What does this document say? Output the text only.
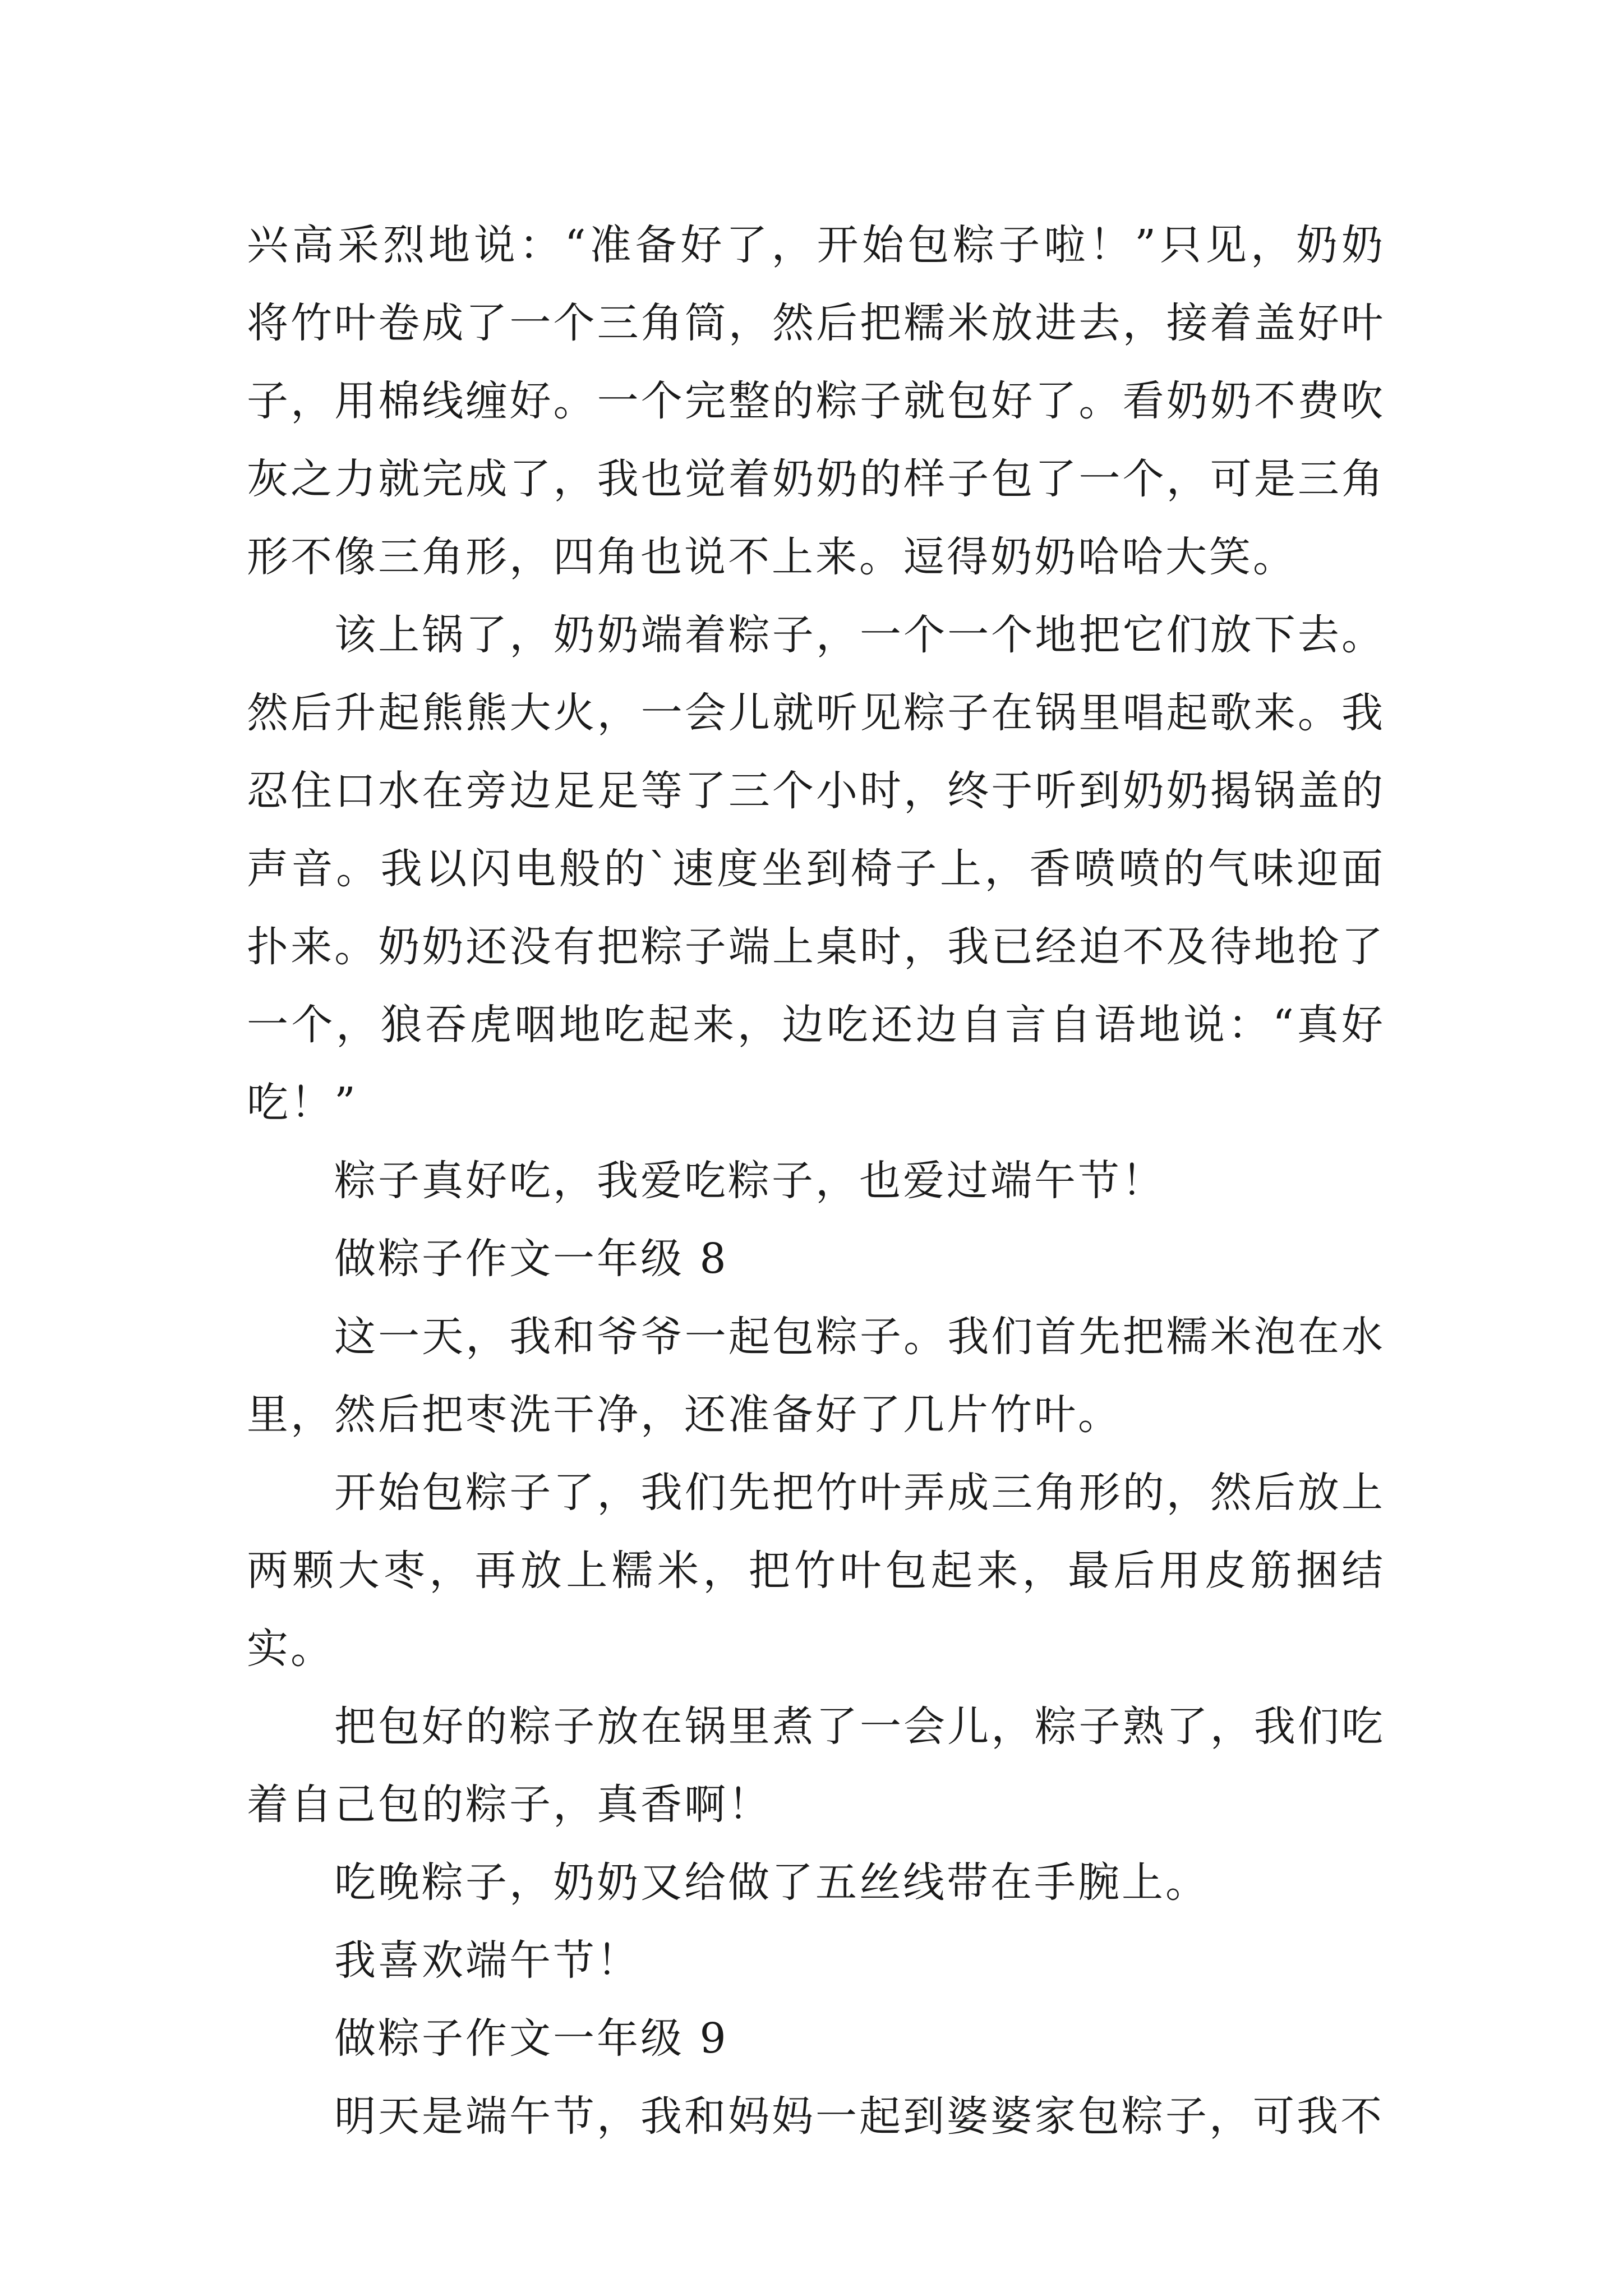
兴高采烈地说：“准备好了，开始包粽子啦！”只见，奶奶将竹叶卷成了一个三角筒，然后把糯米放进去，接着盖好叶子，用棉线缠好。一个完整的粽子就包好了。看奶奶不费吹灰之力就完成了，我也觉着奶奶的样子包了一个，可是三角形不像三角形，四角也说不上来。逗得奶奶哈哈大笑。

该上锅了，奶奶端着粽子，一个一个地把它们放下去。然后升起熊熊大火，一会儿就听见粽子在锅里唱起歌来。我忍住口水在旁边足足等了三个小时，终于听到奶奶揭锅盖的声音。我以闪电般的`速度坐到椅子上，香喷喷的气味迎面扑来。奶奶还没有把粽子端上桌时，我已经迫不及待地抢了一个，狼吞虎咽地吃起来，边吃还边自言自语地说：“真好吃！”

粽子真好吃，我爱吃粽子，也爱过端午节！

做粽子作文一年级 8

这一天，我和爷爷一起包粽子。我们首先把糯米泡在水里，然后把枣洗干净，还准备好了几片竹叶。

开始包粽子了，我们先把竹叶弄成三角形的，然后放上两颗大枣，再放上糯米，把竹叶包起来，最后用皮筋捆结实。

把包好的粽子放在锅里煮了一会儿，粽子熟了，我们吃着自己包的粽子，真香啊！

吃晚粽子，奶奶又给做了五丝线带在手腕上。

我喜欢端午节！

做粽子作文一年级 9

明天是端午节，我和妈妈一起到婆婆家包粽子，可我不
